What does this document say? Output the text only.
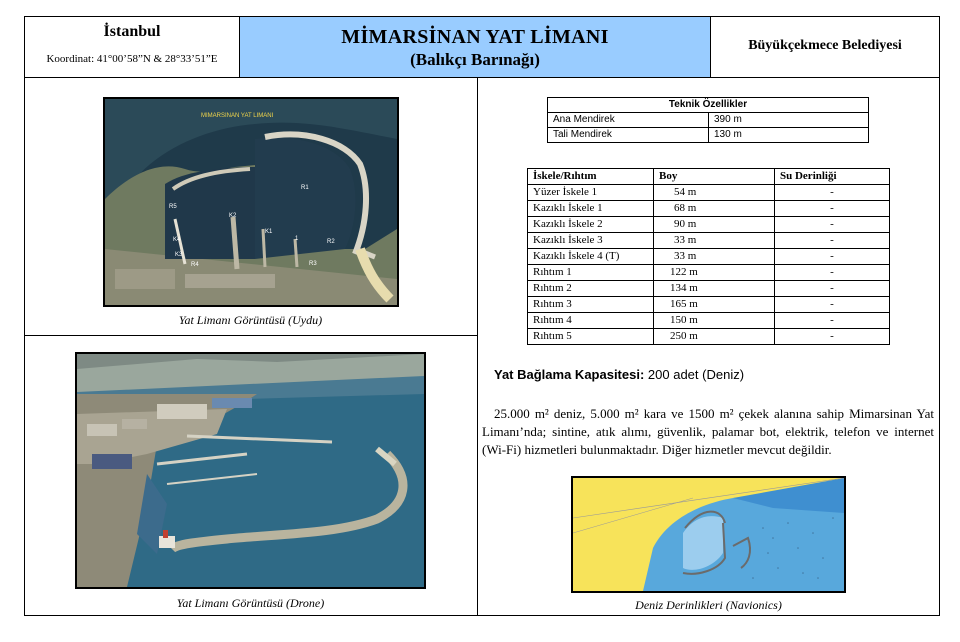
İstanbul
Koordinat: 41°00’58”N & 28°33’51”E
MİMARSİNAN YAT LİMANI
(Balıkçı Barınağı)
Büyükçekmece Belediyesi
MIMARSINAN YAT LIMANI
R1
R2
R3
R4
R5
K1
K2
K3
K4	1
Yat Limanı Görüntüsü (Uydu)
Yat Limanı Görüntüsü (Drone)
Teknik Özellikler	
Ana Mendirek	390 m
Tali Mendirek	130 m
İskele/Rıhtım	Boy	Su Derinliği
Yüzer İskele 1	54 m	-
Kazıklı İskele 1	68 m	-
Kazıklı İskele 2	90 m	-
Kazıklı İskele 3	33 m	-
Kazıklı İskele 4 (T)	33 m	-
Rıhtım 1	122 m	-
Rıhtım 2	134 m	-
Rıhtım 3	165 m	-
Rıhtım 4	150 m	-
Rıhtım 5	250 m	-
Yat Bağlama Kapasitesi: 200 adet (Deniz)
25.000 m² deniz, 5.000 m² kara ve 1500 m² çekek alanına sahip Mimarsinan Yat Limanı’nda; sintine, atık alımı, güvenlik, palamar bot, elektrik, telefon ve internet (Wi-Fi) hizmetleri bulunmaktadır. Diğer hizmetler mevcut değildir.
Deniz Derinlikleri (Navionics)
